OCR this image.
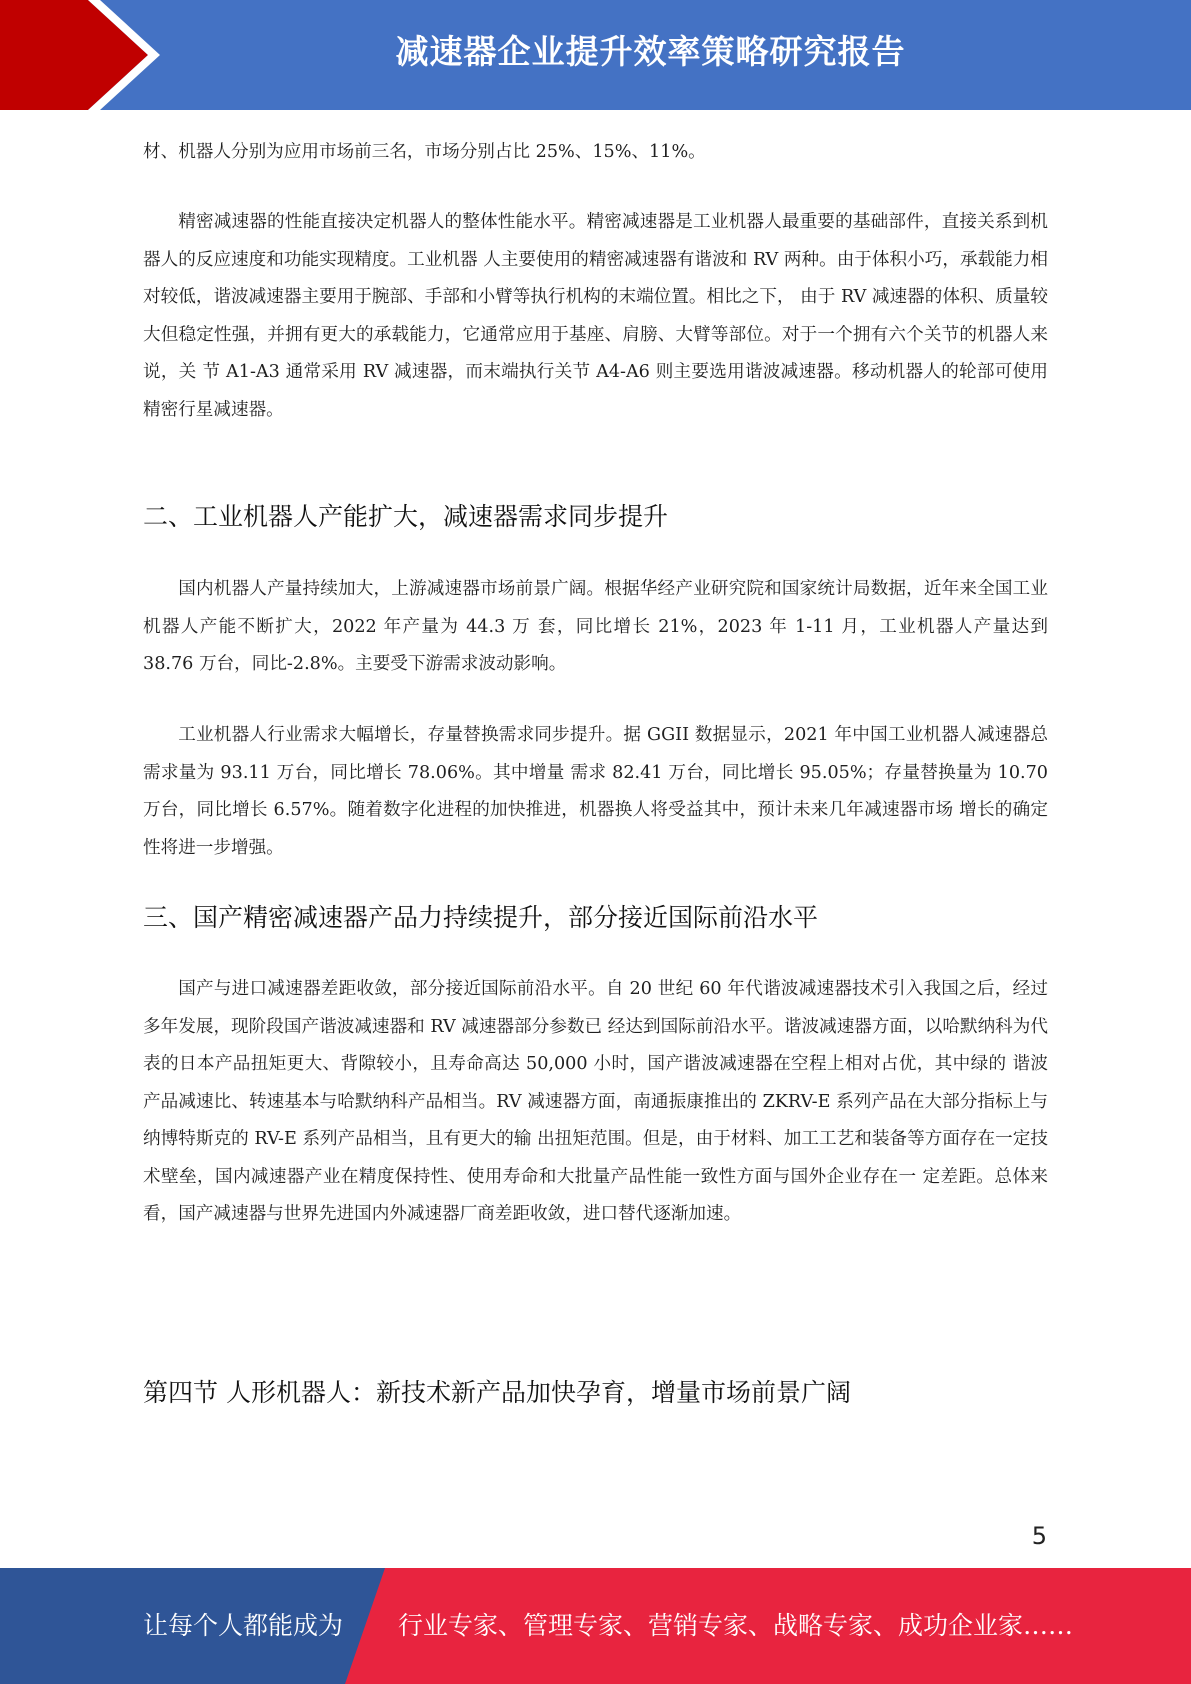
减速器企业提升效率策略研究报告

材、机器人分别为应用市场前三名，市场分别占比 25%、15%、11%。

精密减速器的性能直接决定机器人的整体性能水平。精密减速器是工业机器人最重要的基础部件，直接关系到机器人的反应速度和功能实现精度。工业机器 人主要使用的精密减速器有谐波和 RV 两种。由于体积小巧，承载能力相对较低，谐波减速器主要用于腕部、手部和小臂等执行机构的末端位置。相比之下， 由于 RV 减速器的体积、质量较大但稳定性强，并拥有更大的承载能力，它通常应用于基座、肩膀、大臂等部位。对于一个拥有六个关节的机器人来说，关 节 A1-A3 通常采用 RV 减速器，而末端执行关节 A4-A6 则主要选用谐波减速器。移动机器人的轮部可使用精密行星减速器。

二、工业机器人产能扩大，减速器需求同步提升

国内机器人产量持续加大，上游减速器市场前景广阔。根据华经产业研究院和国家统计局数据，近年来全国工业机器人产能不断扩大，2022 年产量为 44.3 万 套，同比增长 21%，2023 年 1-11 月，工业机器人产量达到 38.76 万台，同比-2.8%。主要受下游需求波动影响。

工业机器人行业需求大幅增长，存量替换需求同步提升。据 GGII 数据显示，2021 年中国工业机器人减速器总需求量为 93.11 万台，同比增长 78.06%。其中增量 需求 82.41 万台，同比增长 95.05%；存量替换量为 10.70 万台，同比增长 6.57%。随着数字化进程的加快推进，机器换人将受益其中，预计未来几年减速器市场 增长的确定性将进一步增强。

三、国产精密减速器产品力持续提升，部分接近国际前沿水平

国产与进口减速器差距收敛，部分接近国际前沿水平。自 20 世纪 60 年代谐波减速器技术引入我国之后，经过多年发展，现阶段国产谐波减速器和 RV 减速器部分参数已 经达到国际前沿水平。谐波减速器方面，以哈默纳科为代表的日本产品扭矩更大、背隙较小，且寿命高达 50,000 小时，国产谐波减速器在空程上相对占优，其中绿的 谐波产品减速比、转速基本与哈默纳科产品相当。RV 减速器方面，南通振康推出的 ZKRV-E 系列产品在大部分指标上与纳博特斯克的 RV-E 系列产品相当，且有更大的输 出扭矩范围。但是，由于材料、加工工艺和装备等方面存在一定技术壁垒，国内减速器产业在精度保持性、使用寿命和大批量产品性能一致性方面与国外企业存在一 定差距。总体来看，国产减速器与世界先进国内外减速器厂商差距收敛，进口替代逐渐加速。

第四节 人形机器人：新技术新产品加快孕育，增量市场前景广阔
5
让每个人都能成为 行业专家、管理专家、营销专家、战略专家、成功企业家……
